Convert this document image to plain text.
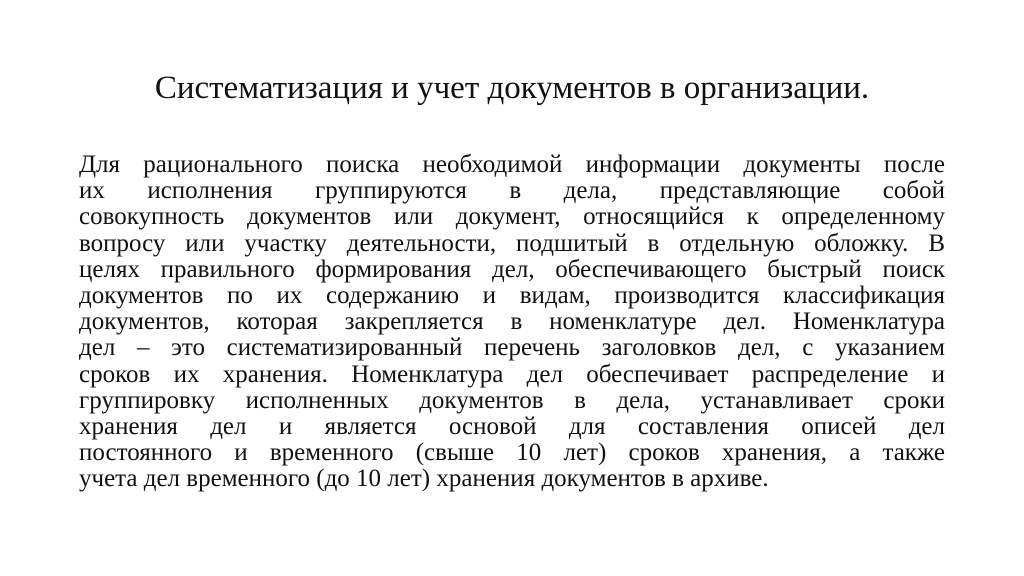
Систематизация и учет документов в организации.
Для рационального поиска необходимой информации документы после
их исполнения группируются в дела, представляющие собой
совокупность документов или документ, относящийся к определенному
вопросу или участку деятельности, подшитый в отдельную обложку. В
целях правильного формирования дел, обеспечивающего быстрый поиск
документов по их содержанию и видам, производится классификация
документов, которая закрепляется в номенклатуре дел. Номенклатура
дел – это систематизированный перечень заголовков дел, с указанием
сроков их хранения. Номенклатура дел обеспечивает распределение и
группировку исполненных документов в дела, устанавливает сроки
хранения дел и является основой для составления описей дел
постоянного и временного (свыше 10 лет) сроков хранения, а также
учета дел временного (до 10 лет) хранения документов в архиве.
